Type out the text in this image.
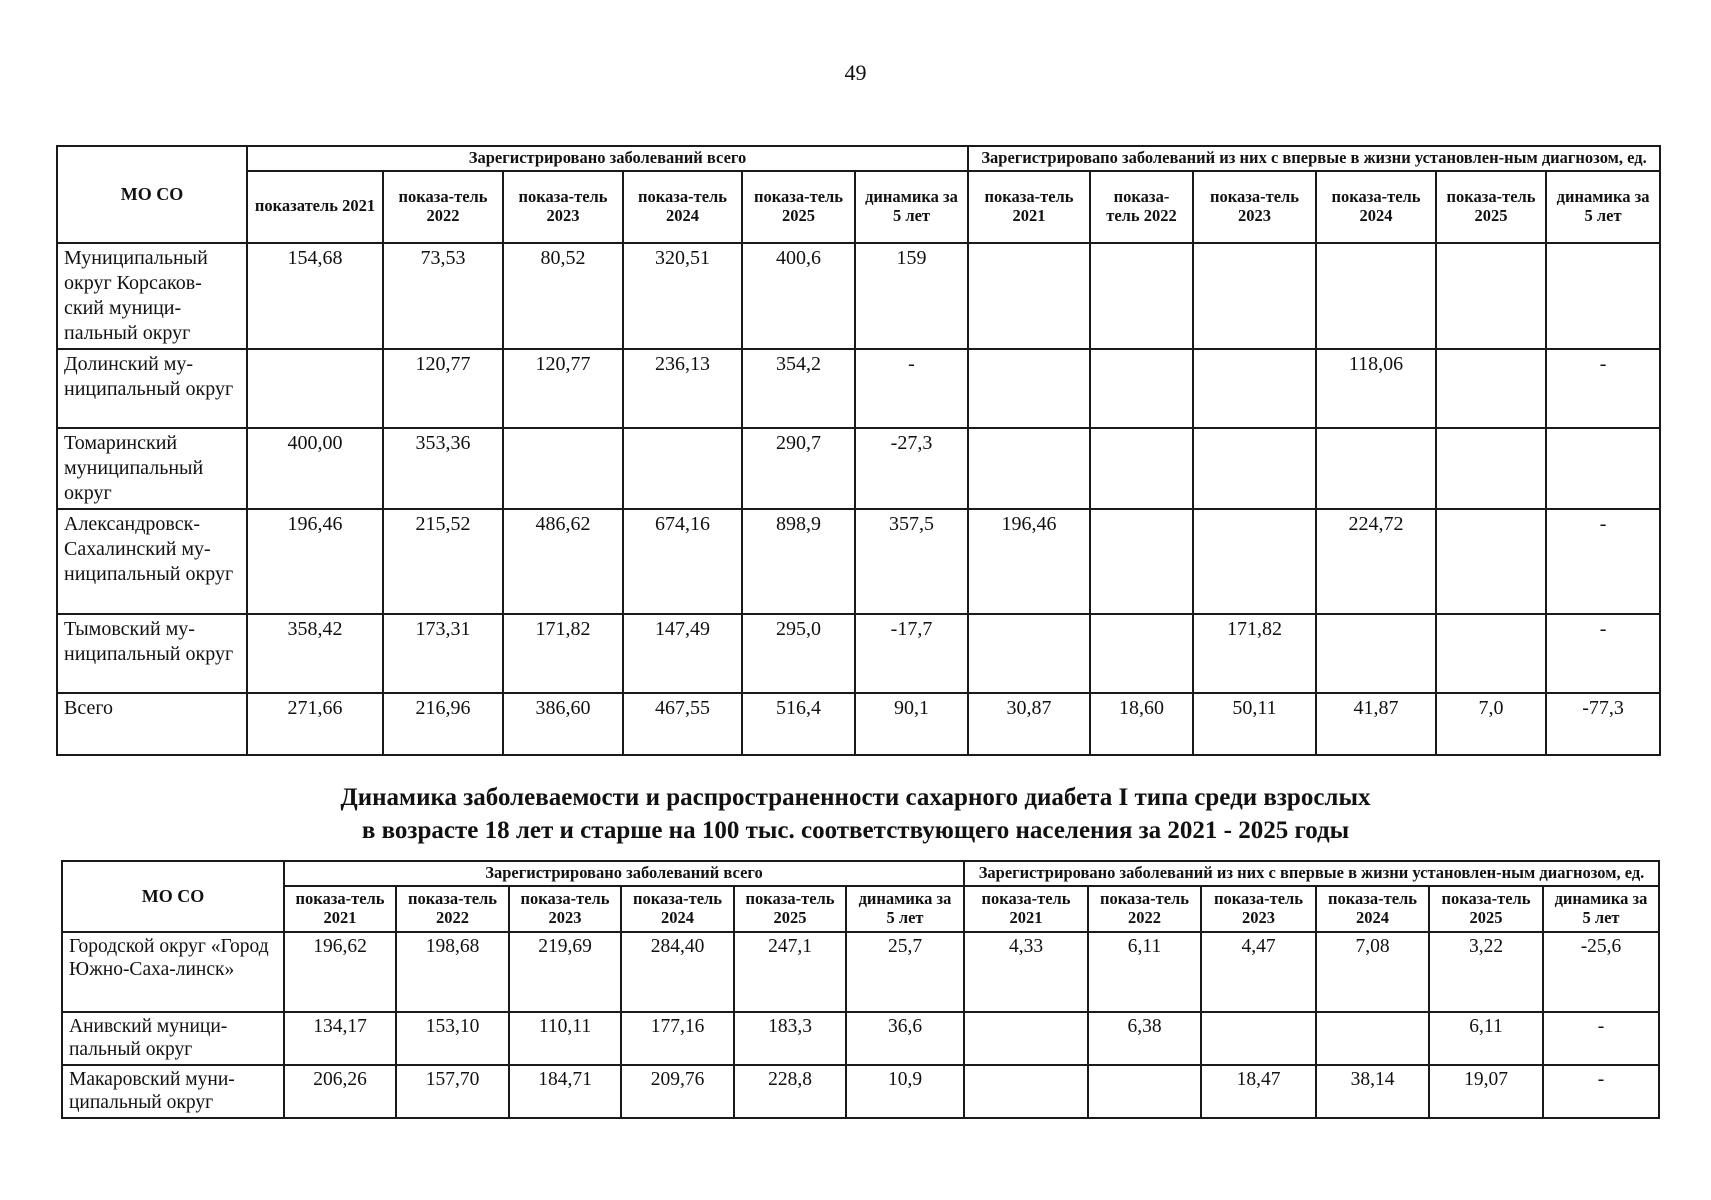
49
МО СО	Зарегистрировано заболеваний всего						Зарегистрировапо заболеваний из них с впервые в жизни установлен-ным диагнозом, ед.					
	показатель 2021	показа-тель 2022	показа-тель 2023	показа-тель 2024	показа-тель 2025	динамика за 5 лет	показа-тель 2021	показа-тель 2022	показа-тель 2023	показа-тель 2024	показа-тель 2025	динамика за 5 лет
Муниципальный округ Корсаков-ский муници-пальный округ	154,68	73,53	80,52	320,51	400,6	159						
Долинский му-ниципальный округ		120,77	120,77	236,13	354,2	-				118,06		-
Томаринский муниципальный округ	400,00	353,36			290,7	-27,3						
Александровск-Сахалинский му-ниципальный округ	196,46	215,52	486,62	674,16	898,9	357,5	196,46			224,72		-
Тымовский му-ниципальный округ	358,42	173,31	171,82	147,49	295,0	-17,7			171,82			-
Всего	271,66	216,96	386,60	467,55	516,4	90,1	30,87	18,60	50,11	41,87	7,0	-77,3
Динамика заболеваемости и распространенности сахарного диабета I типа среди взрослых
в возрасте 18 лет и старше на 100 тыс. соответствующего населения за 2021 - 2025 годы
МО СО	Зарегистрировано заболеваний всего						Зарегистрировано заболеваний из них с впервые в жизни установлен-ным диагнозом, ед.					
	показа-тель 2021	показа-тель 2022	показа-тель 2023	показа-тель 2024	показа-тель 2025	динамика за 5 лет	показа-тель 2021	показа-тель 2022	показа-тель 2023	показа-тель 2024	показа-тель 2025	динамика за 5 лет
Городской округ «Город Южно-Саха-линск»	196,62	198,68	219,69	284,40	247,1	25,7	4,33	6,11	4,47	7,08	3,22	-25,6
Анивский муници-пальный округ	134,17	153,10	110,11	177,16	183,3	36,6		6,38			6,11	-
Макаровский муни-ципальный округ	206,26	157,70	184,71	209,76	228,8	10,9			18,47	38,14	19,07	-
